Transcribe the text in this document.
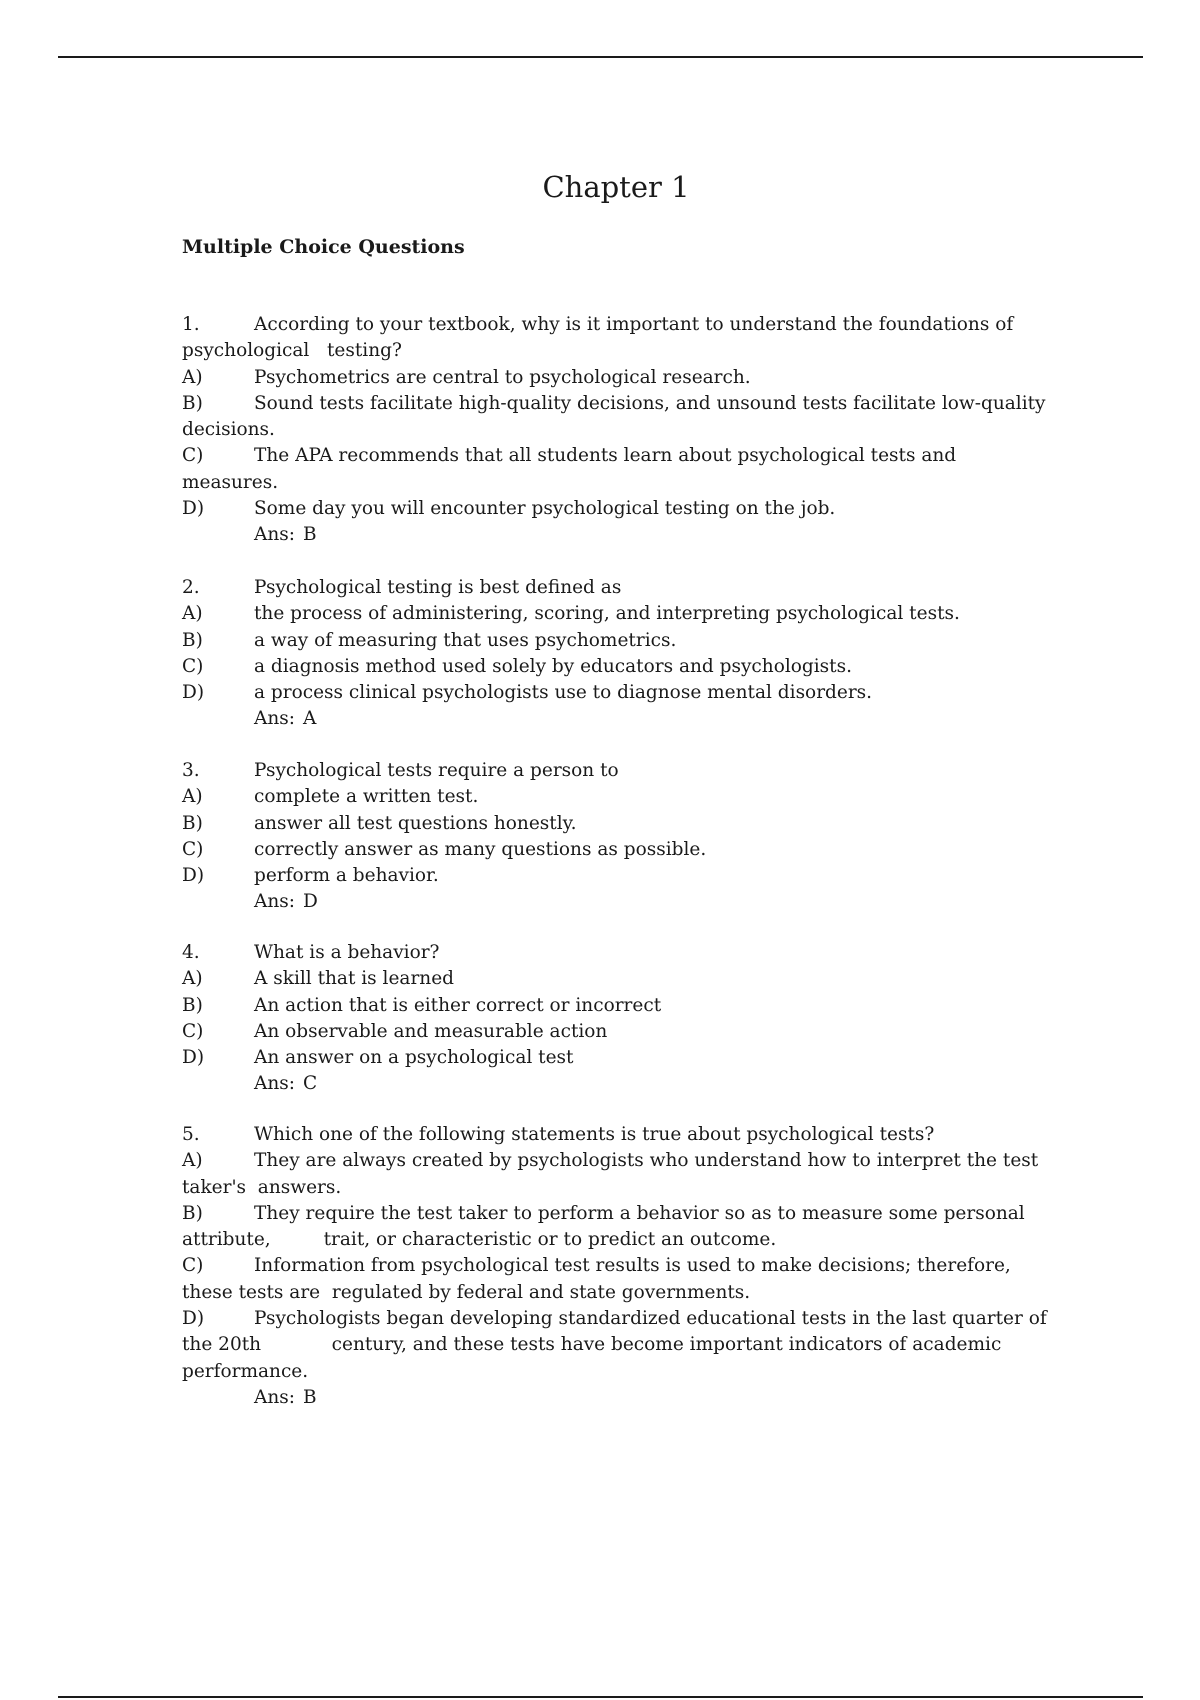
Chapter 1
Multiple Choice Questions
1.	According to your textbook, why is it important to understand the foundations of
psychological   testing?
A)	Psychometrics are central to psychological research.
B)	Sound tests facilitate high-quality decisions, and unsound tests facilitate low-quality
decisions.
C)	The APA recommends that all students learn about psychological tests and
measures.
D)	Some day you will encounter psychological testing on the job.
Ans: B
2.	Psychological testing is best defined as
A)	the process of administering, scoring, and interpreting psychological tests.
B)	a way of measuring that uses psychometrics.
C)	a diagnosis method used solely by educators and psychologists.
D)	a process clinical psychologists use to diagnose mental disorders.
Ans: A
3.	Psychological tests require a person to
A)	complete a written test.
B)	answer all test questions honestly.
C)	correctly answer as many questions as possible.
D)	perform a behavior.
Ans: D
4.	What is a behavior?
A)	A skill that is learned
B)	An action that is either correct or incorrect
C)	An observable and measurable action
D)	An answer on a psychological test
Ans: C
5.	Which one of the following statements is true about psychological tests?
A)	They are always created by psychologists who understand how to interpret the test
taker's  answers.
B)	They require the test taker to perform a behavior so as to measure some personal
attribute,         trait, or characteristic or to predict an outcome.
C)	Information from psychological test results is used to make decisions; therefore,
these tests are  regulated by federal and state governments.
D)	Psychologists began developing standardized educational tests in the last quarter of
the 20th            century, and these tests have become important indicators of academic
performance.
Ans: B
